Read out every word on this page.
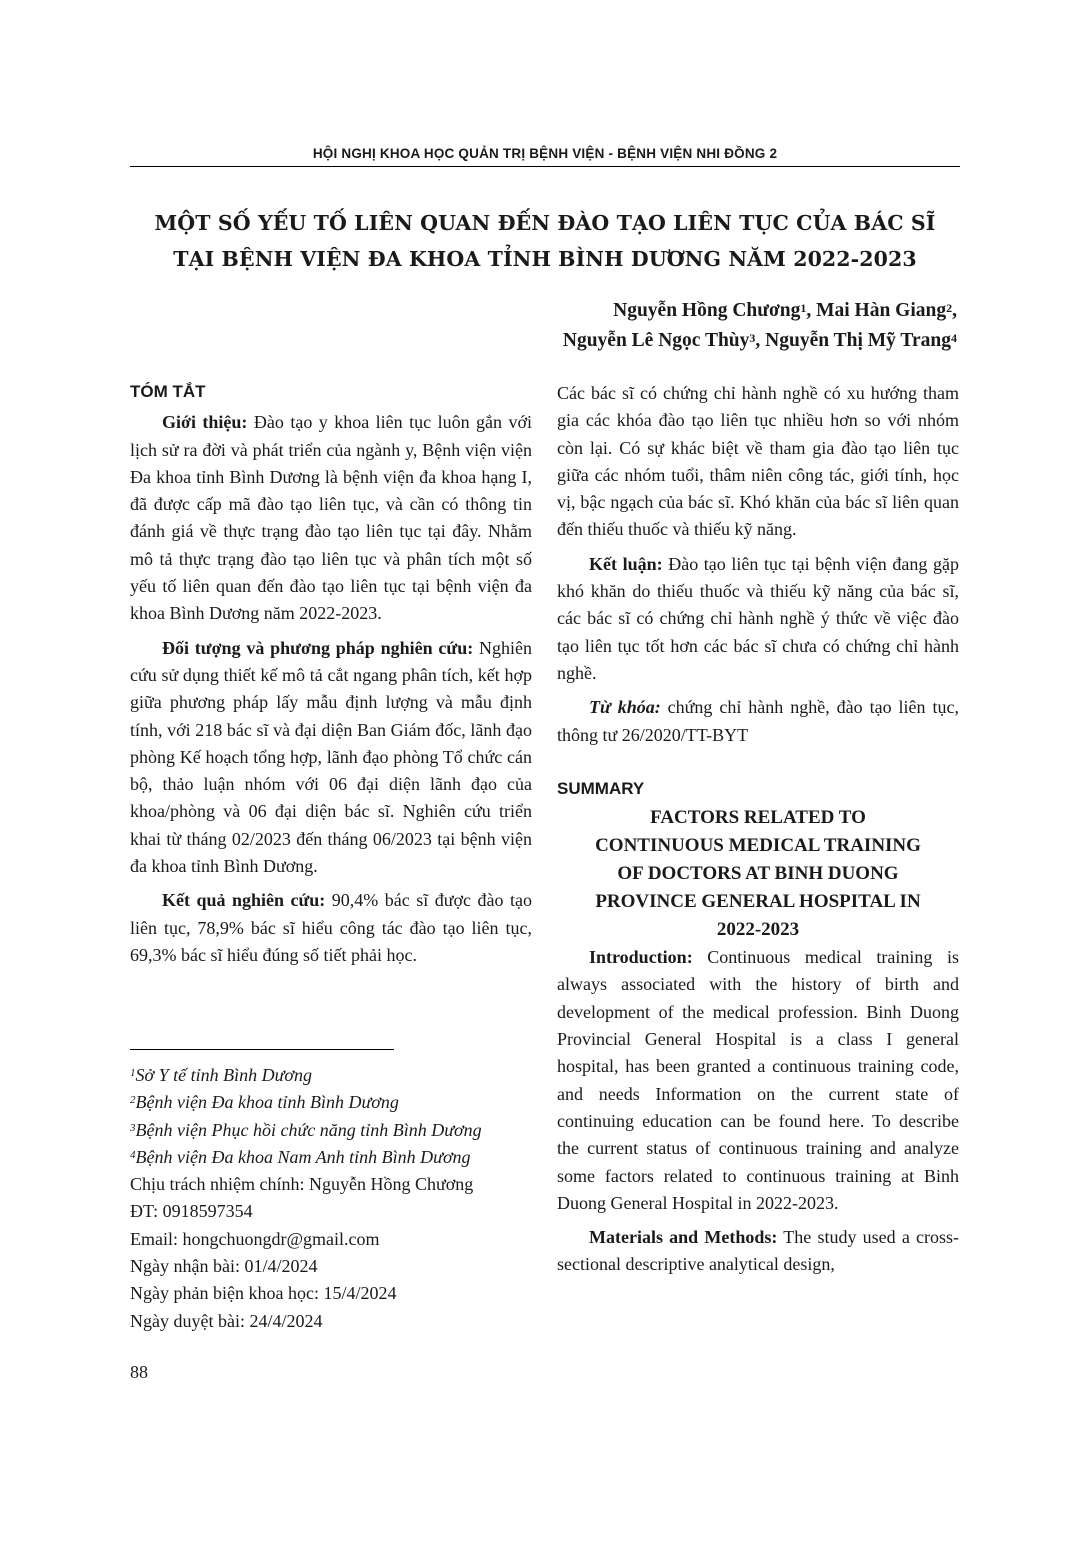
HỘI NGHỊ KHOA HỌC QUẢN TRỊ BỆNH VIỆN - BỆNH VIỆN NHI ĐỒNG 2
MỘT SỐ YẾU TỐ LIÊN QUAN ĐẾN ĐÀO TẠO LIÊN TỤC CỦA BÁC SĨ
TẠI BỆNH VIỆN ĐA KHOA TỈNH BÌNH DƯƠNG NĂM 2022-2023
Nguyễn Hồng Chương$^1$, Mai Hàn Giang$^2$,
Nguyễn Lê Ngọc Thùy$^3$, Nguyễn Thị Mỹ Trang$^4$
TÓM TẮT

Giới thiệu: Đào tạo y khoa liên tục luôn gắn với lịch sử ra đời và phát triển của ngành y, Bệnh viện viện Đa khoa tỉnh Bình Dương là bệnh viện đa khoa hạng I, đã được cấp mã đào tạo liên tục, và cần có thông tin đánh giá về thực trạng đào tạo liên tục tại đây. Nhằm mô tả thực trạng đào tạo liên tục và phân tích một số yếu tố liên quan đến đào tạo liên tục tại bệnh viện đa khoa Bình Dương năm 2022-2023.

Đối tượng và phương pháp nghiên cứu: Nghiên cứu sử dụng thiết kế mô tả cắt ngang phân tích, kết hợp giữa phương pháp lấy mẫu định lượng và mẫu định tính, với 218 bác sĩ và đại diện Ban Giám đốc, lãnh đạo phòng Kế hoạch tổng hợp, lãnh đạo phòng Tổ chức cán bộ, thảo luận nhóm với 06 đại diện lãnh đạo của khoa/phòng và 06 đại diện bác sĩ. Nghiên cứu triển khai từ tháng 02/2023 đến tháng 06/2023 tại bệnh viện đa khoa tỉnh Bình Dương.

Kết quả nghiên cứu: 90,4% bác sĩ được đào tạo liên tục, 78,9% bác sĩ hiểu công tác đào tạo liên tục, 69,3% bác sĩ hiểu đúng số tiết phải học.

$^1$Sở Y tế tỉnh Bình Dương
$^2$Bệnh viện Đa khoa tỉnh Bình Dương
$^3$Bệnh viện Phục hồi chức năng tỉnh Bình Dương
$^4$Bệnh viện Đa khoa Nam Anh tỉnh Bình Dương
Chịu trách nhiệm chính: Nguyễn Hồng Chương
ĐT: 0918597354
Email: hongchuongdr@gmail.com
Ngày nhận bài: 01/4/2024
Ngày phản biện khoa học: 15/4/2024
Ngày duyệt bài: 24/4/2024

Các bác sĩ có chứng chỉ hành nghề có xu hướng tham gia các khóa đào tạo liên tục nhiều hơn so với nhóm còn lại. Có sự khác biệt về tham gia đào tạo liên tục giữa các nhóm tuổi, thâm niên công tác, giới tính, học vị, bậc ngạch của bác sĩ. Khó khăn của bác sĩ liên quan đến thiếu thuốc và thiếu kỹ năng.

Kết luận: Đào tạo liên tục tại bệnh viện đang gặp khó khăn do thiếu thuốc và thiếu kỹ năng của bác sĩ, các bác sĩ có chứng chỉ hành nghề ý thức về việc đào tạo liên tục tốt hơn các bác sĩ chưa có chứng chỉ hành nghề.

Từ khóa: chứng chỉ hành nghề, đào tạo liên tục, thông tư 26/2020/TT-BYT

SUMMARY
FACTORS RELATED TO
CONTINUOUS MEDICAL TRAINING
OF DOCTORS AT BINH DUONG
PROVINCE GENERAL HOSPITAL IN
2022-2023

Introduction: Continuous medical training is always associated with the history of birth and development of the medical profession. Binh Duong Provincial General Hospital is a class I general hospital, has been granted a continuous training code, and needs Information on the current state of continuing education can be found here. To describe the current status of continuous training and analyze some factors related to continuous training at Binh Duong General Hospital in 2022-2023.

Materials and Methods: The study used a cross-sectional descriptive analytical design,

88
